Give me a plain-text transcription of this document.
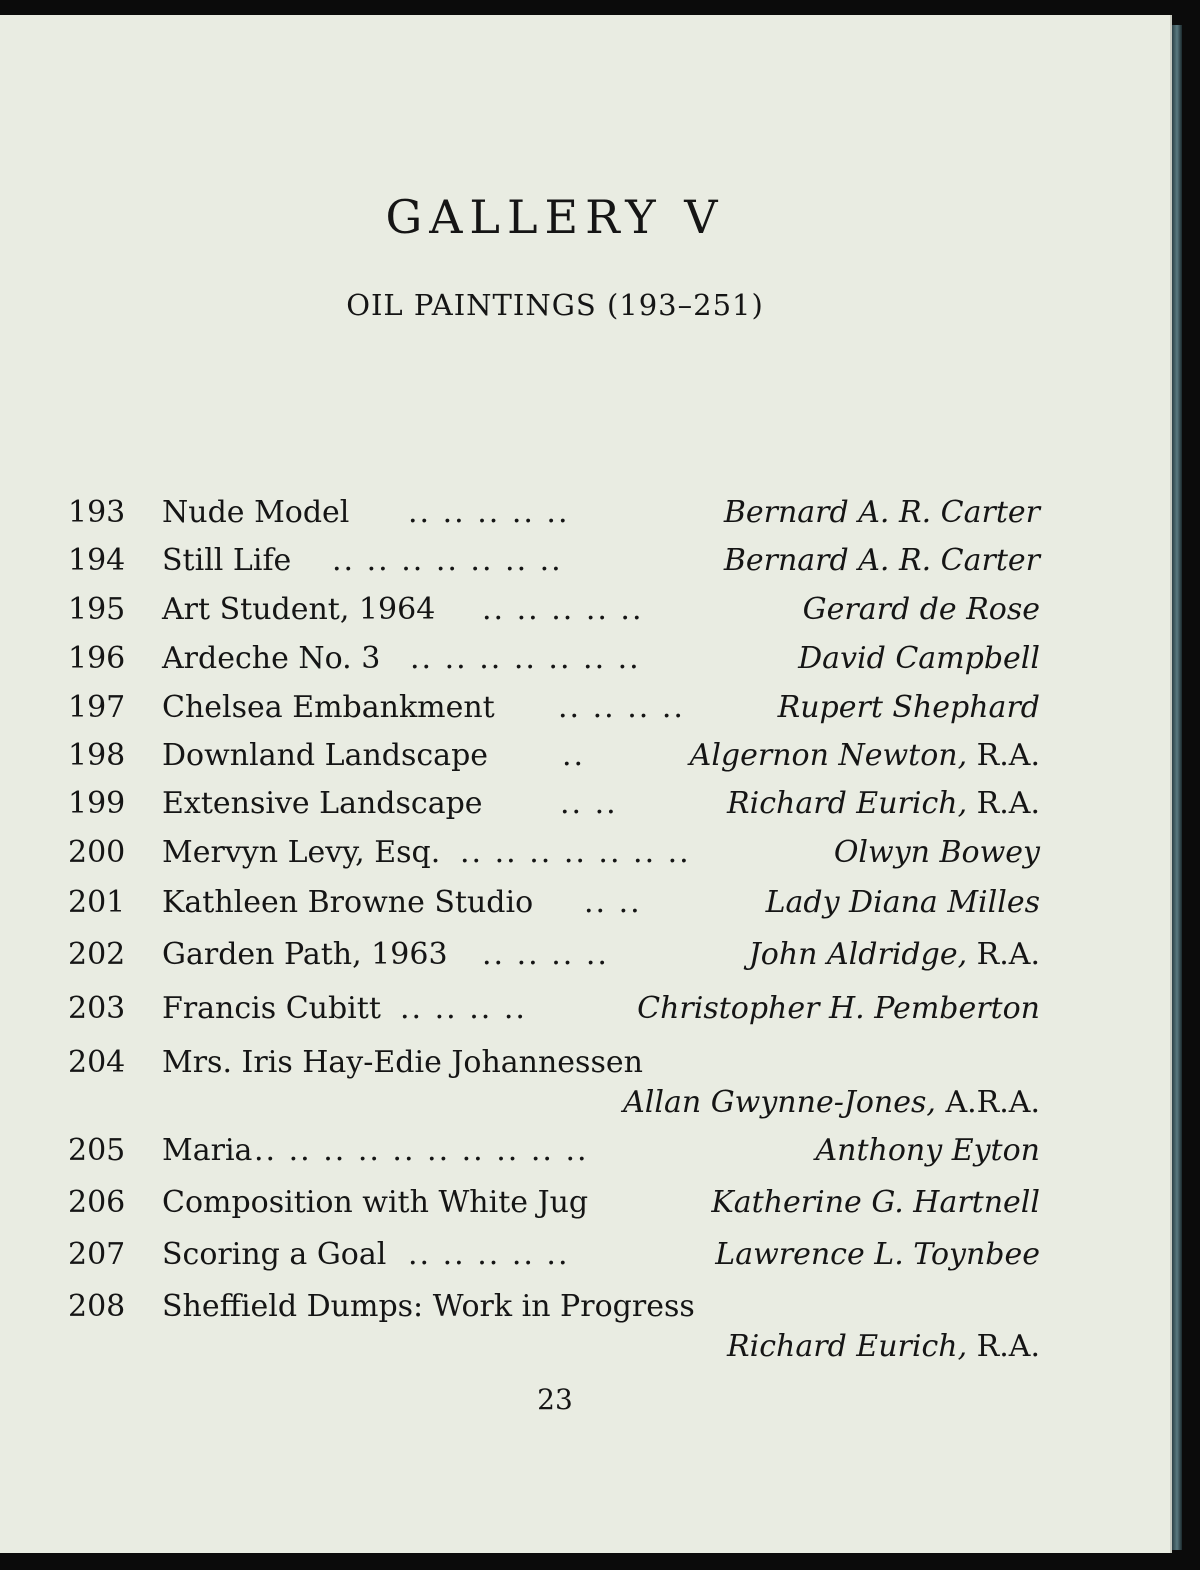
GALLERY V
OIL PAINTINGS (193–251)
193 Nude Model .. .. .. .. ..	Bernard A. R. Carter
194 Still Life .. .. .. .. .. .. ..	Bernard A. R. Carter
195 Art Student, 1964 .. .. .. .. ..	Gerard de Rose
196 Ardeche No. 3 .. .. .. .. .. .. ..	David Campbell
197 Chelsea Embankment .. .. .. ..	Rupert Shephard
198 Downland Landscape ..	Algernon Newton, R.A.
199 Extensive Landscape	.. ..	Richard Eurich, R.A.
200 Mervyn Levy, Esq. .. .. .. .. .. .. ..	Olwyn Bowey
201 Kathleen Browne Studio .. ..	Lady Diana Milles
202 Garden Path, 1963 .. .. .. ..	John Aldridge, R.A.
203 Francis Cubitt .. .. .. ..	Christopher H. Pemberton
204 Mrs. Iris Hay-Edie Johannessen
Allan Gwynne-Jones, A.R.A.
205 Maria .. .. .. .. .. .. .. .. .. ..	Anthony Eyton
206 Composition with White Jug	Katherine G. Hartnell
207 Scoring a Goal .. .. .. .. ..	Lawrence L. Toynbee
208 Sheffield Dumps: Work in Progress
Richard Eurich, R.A.
23
